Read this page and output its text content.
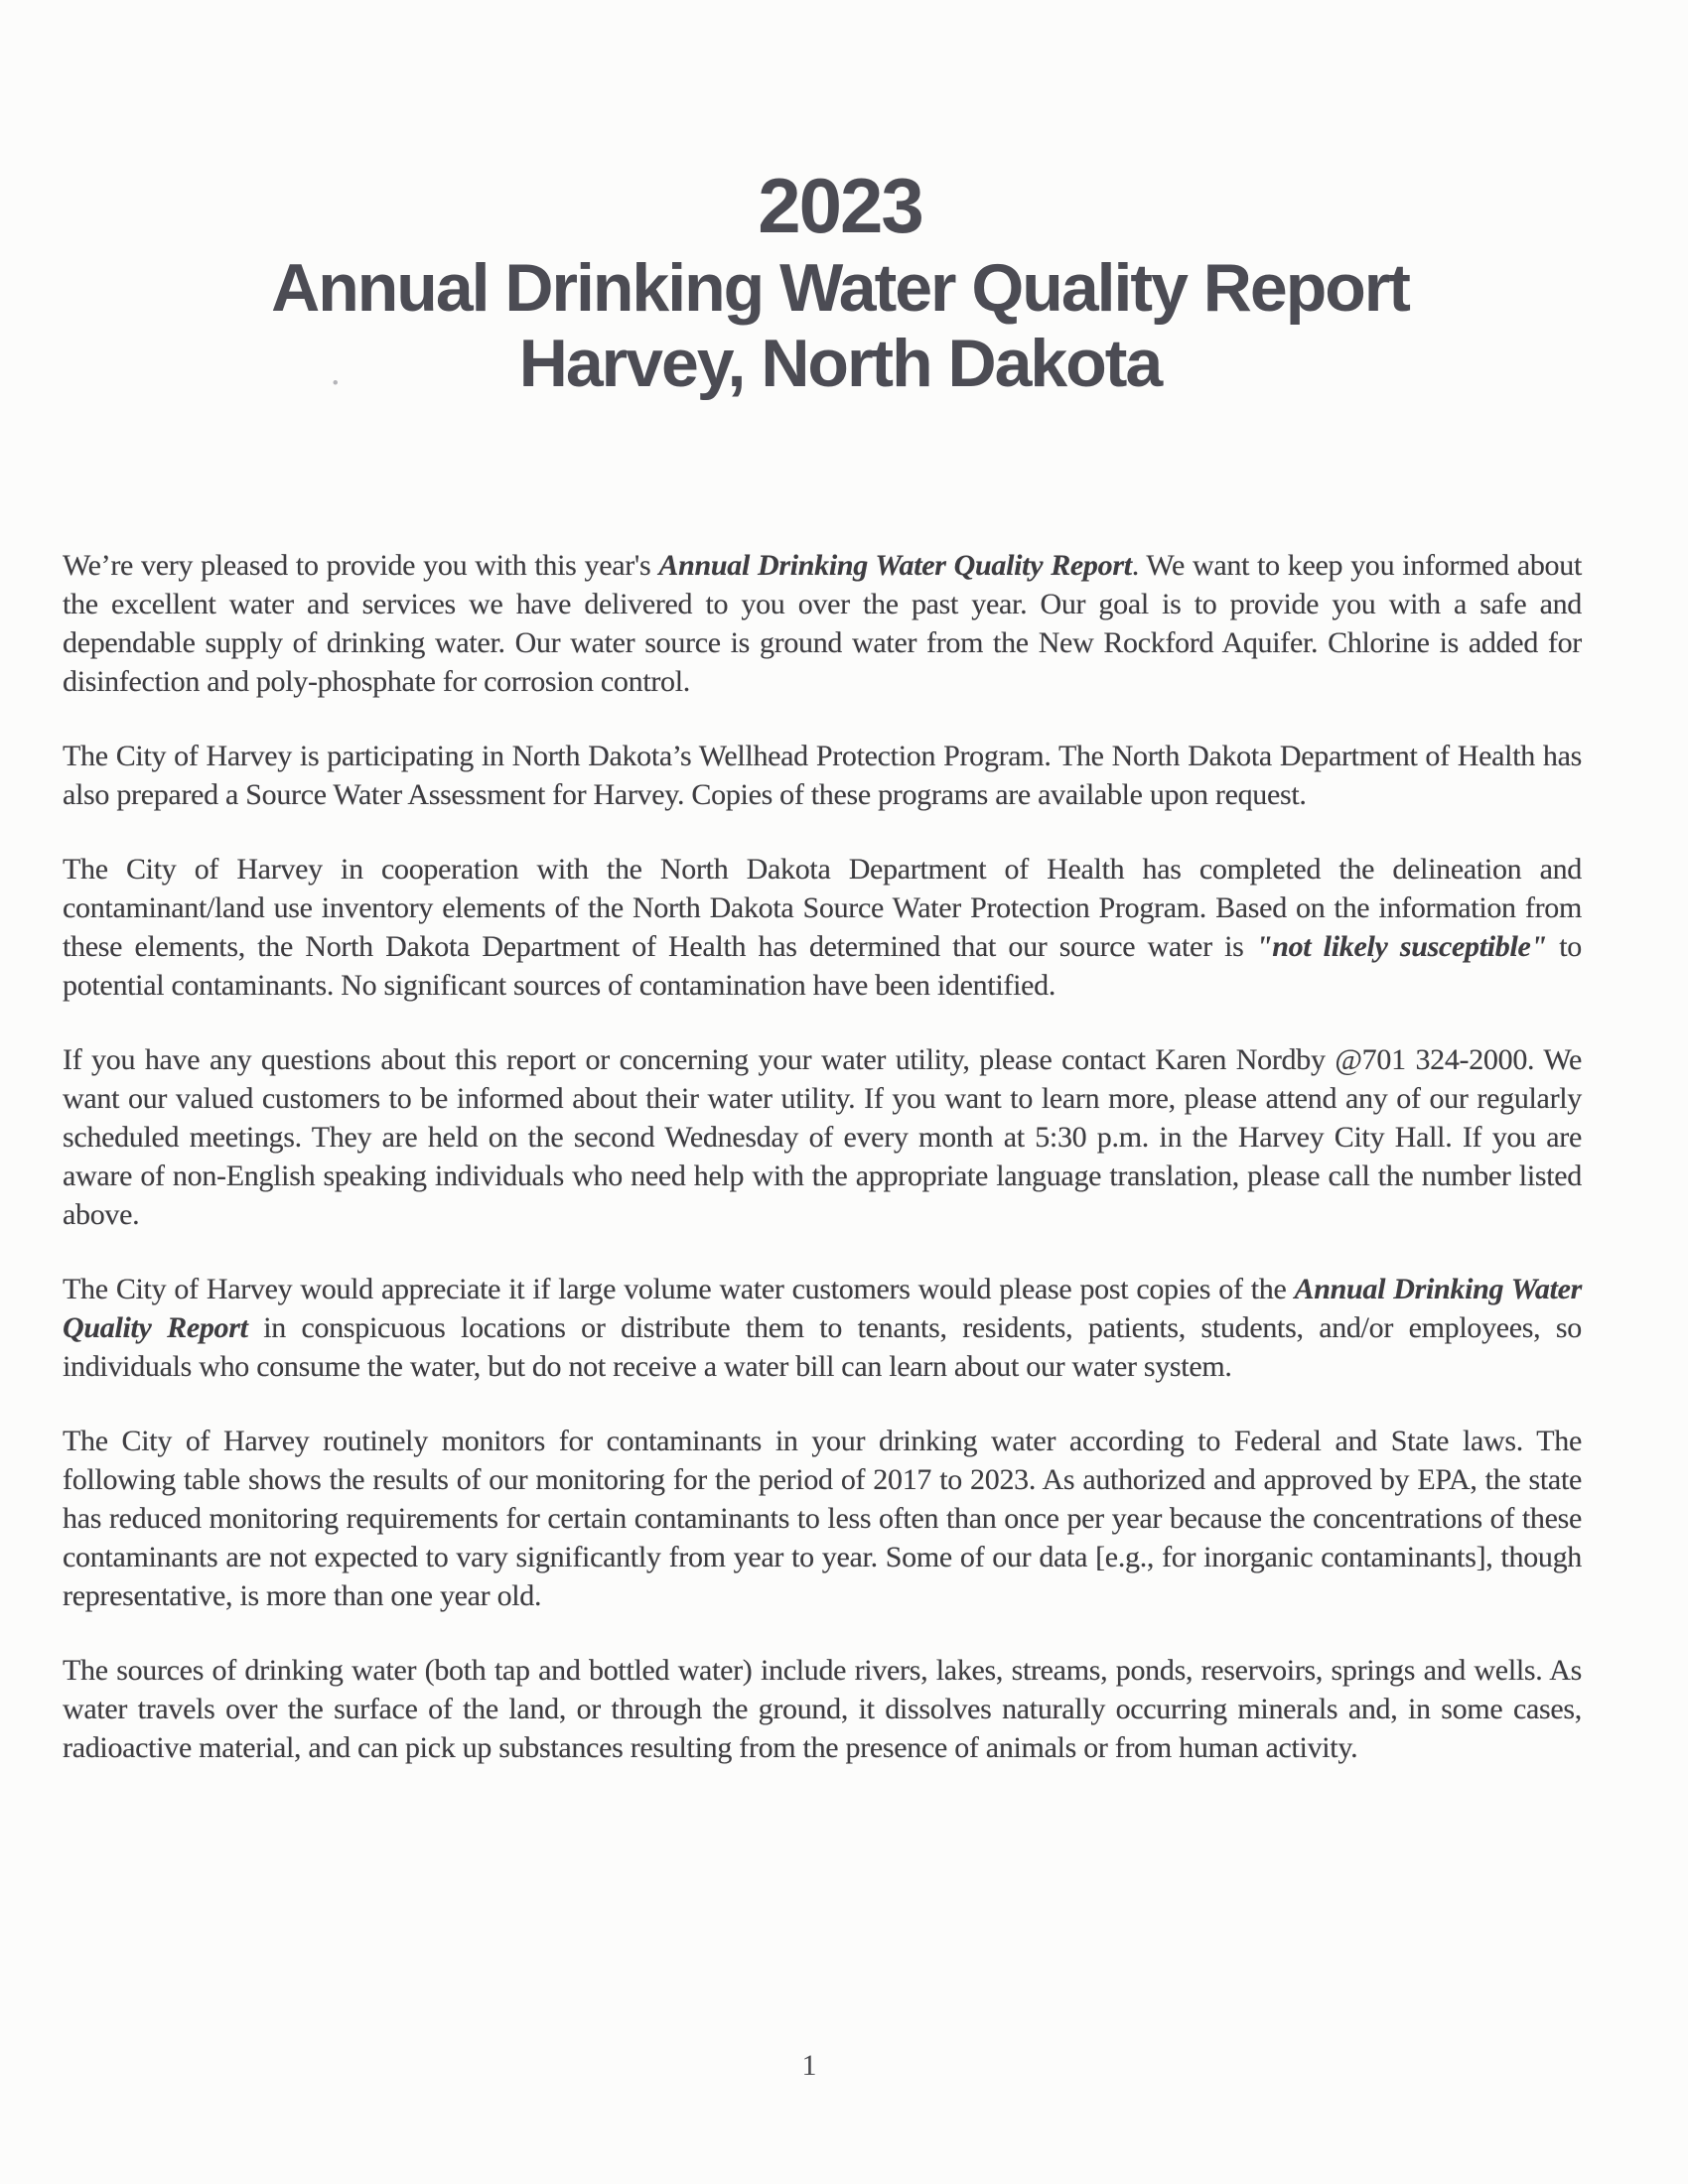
2023
Annual Drinking Water Quality Report
.	Harvey, North Dakota

We’re very pleased to provide you with this year's Annual Drinking Water Quality Report. We want to keep you informed about the excellent water and services we have delivered to you over the past year. Our goal is to provide you with a safe and dependable supply of drinking water. Our water source is ground water from the New Rockford Aquifer. Chlorine is added for disinfection and poly-phosphate for corrosion control.

The City of Harvey is participating in North Dakota’s Wellhead Protection Program. The North Dakota Department of Health has also prepared a Source Water Assessment for Harvey. Copies of these programs are available upon request.

The City of Harvey in cooperation with the North Dakota Department of Health has completed the delineation and contaminant/land use inventory elements of the North Dakota Source Water Protection Program. Based on the information from these elements, the North Dakota Department of Health has determined that our source water is "not likely susceptible" to potential contaminants. No significant sources of contamination have been identified.

If you have any questions about this report or concerning your water utility, please contact Karen Nordby @701 324-2000. We want our valued customers to be informed about their water utility. If you want to learn more, please attend any of our regularly scheduled meetings. They are held on the second Wednesday of every month at 5:30 p.m. in the Harvey City Hall. If you are aware of non-English speaking individuals who need help with the appropriate language translation, please call the number listed above.

The City of Harvey would appreciate it if large volume water customers would please post copies of the Annual Drinking Water Quality Report in conspicuous locations or distribute them to tenants, residents, patients, students, and/or employees, so individuals who consume the water, but do not receive a water bill can learn about our water system.

The City of Harvey routinely monitors for contaminants in your drinking water according to Federal and State laws. The following table shows the results of our monitoring for the period of 2017 to 2023. As authorized and approved by EPA, the state has reduced monitoring requirements for certain contaminants to less often than once per year because the concentrations of these contaminants are not expected to vary significantly from year to year. Some of our data [e.g., for inorganic contaminants], though representative, is more than one year old.

The sources of drinking water (both tap and bottled water) include rivers, lakes, streams, ponds, reservoirs, springs and wells. As water travels over the surface of the land, or through the ground, it dissolves naturally occurring minerals and, in some cases, radioactive material, and can pick up substances resulting from the presence of animals or from human activity.

1
